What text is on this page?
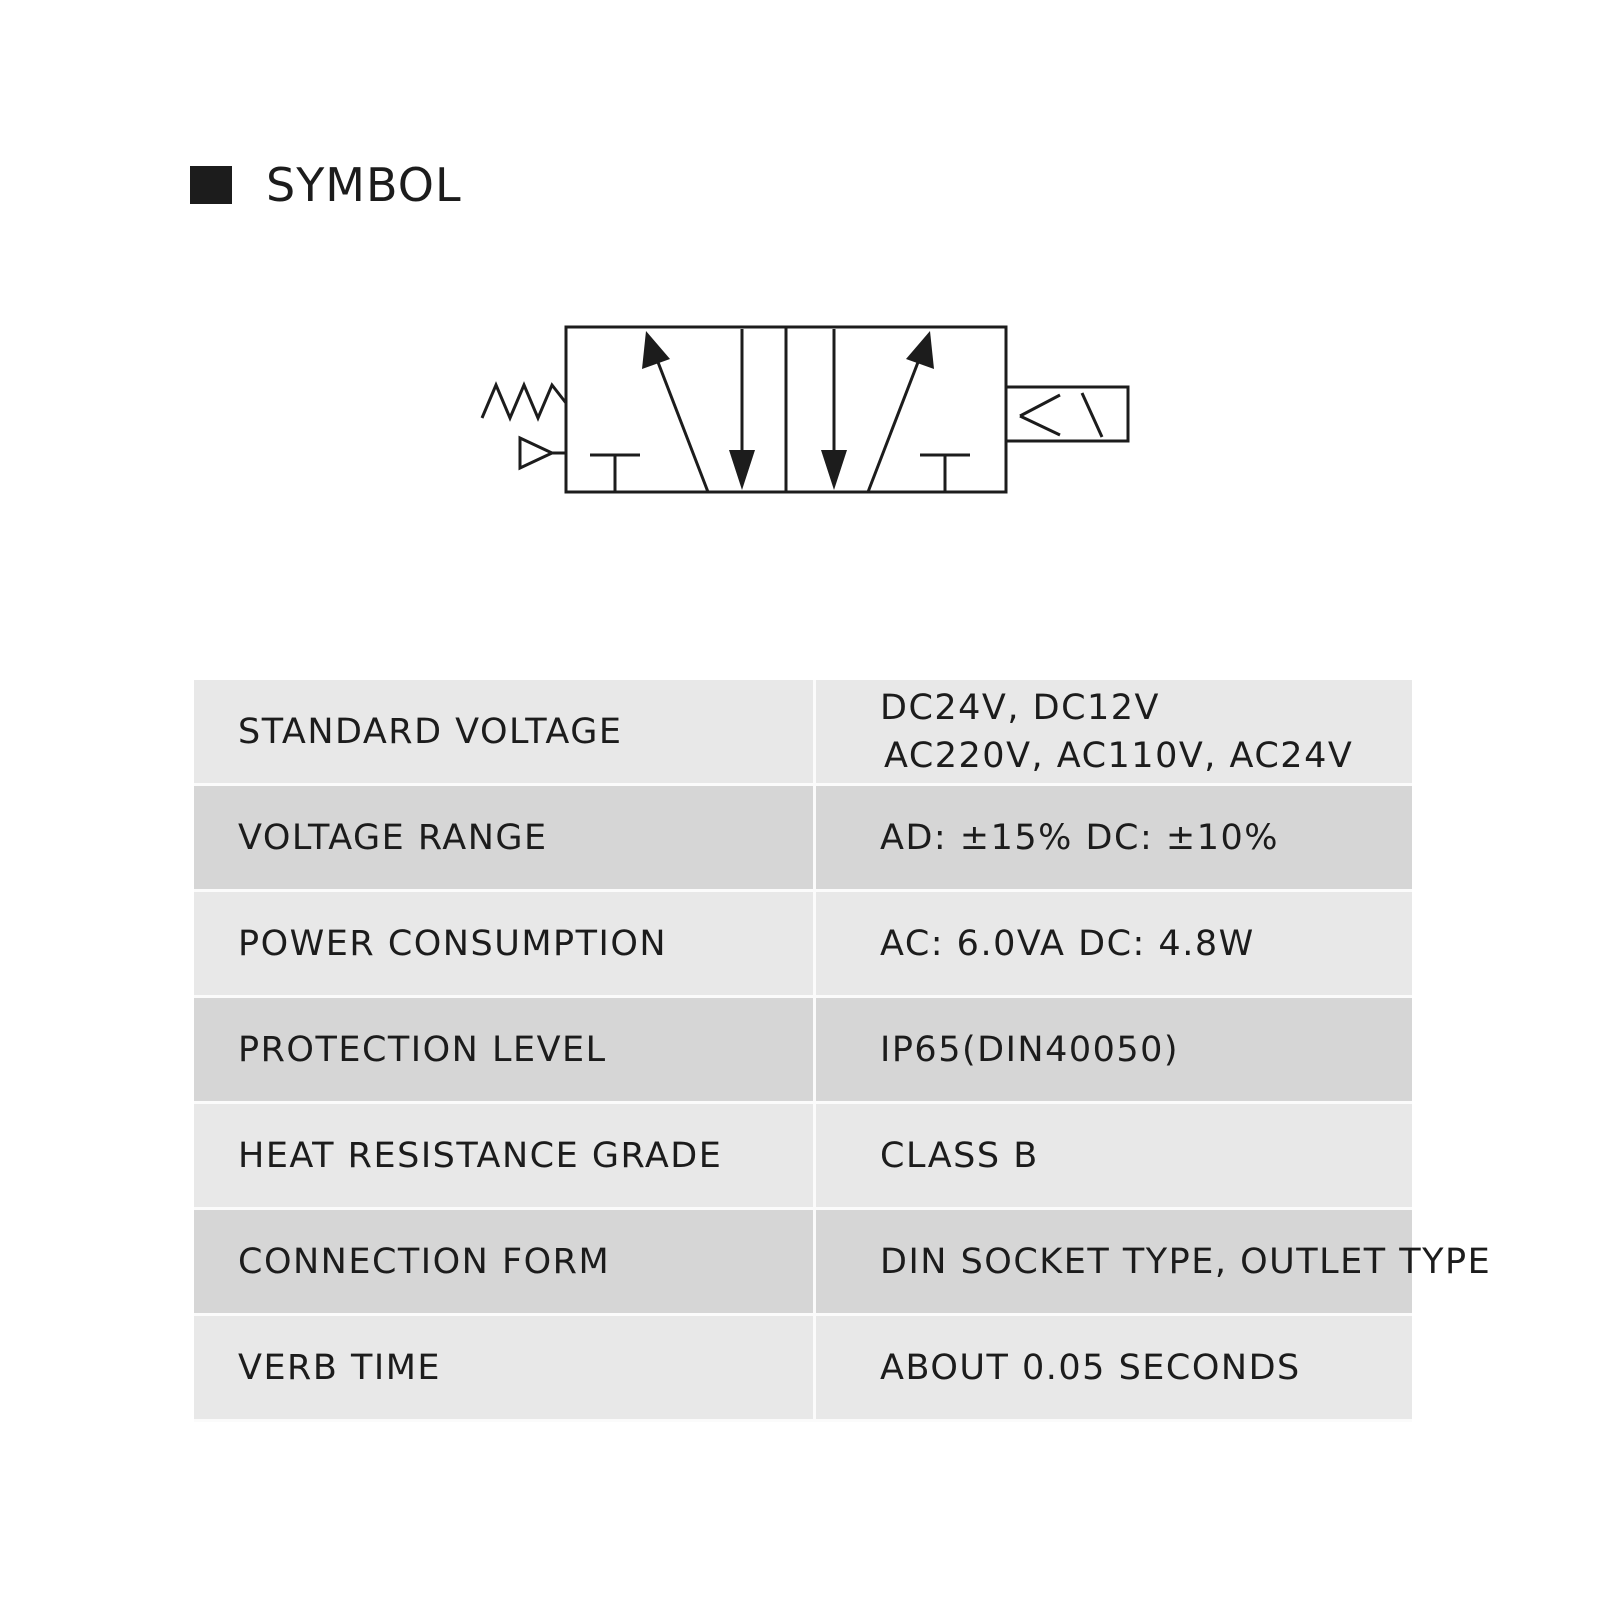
SYMBOL
STANDARD VOLTAGE	DC24V, DC12V
AC220V, AC110V, AC24V

VOLTAGE RANGE	AD: ±15% DC: ±10%
POWER CONSUMPTION	AC: 6.0VA DC: 4.8W
PROTECTION LEVEL	IP65(DIN40050)
HEAT RESISTANCE GRADE	CLASS B
CONNECTION FORM	DIN SOCKET TYPE, OUTLET TYPE
VERB TIME	ABOUT 0.05 SECONDS
